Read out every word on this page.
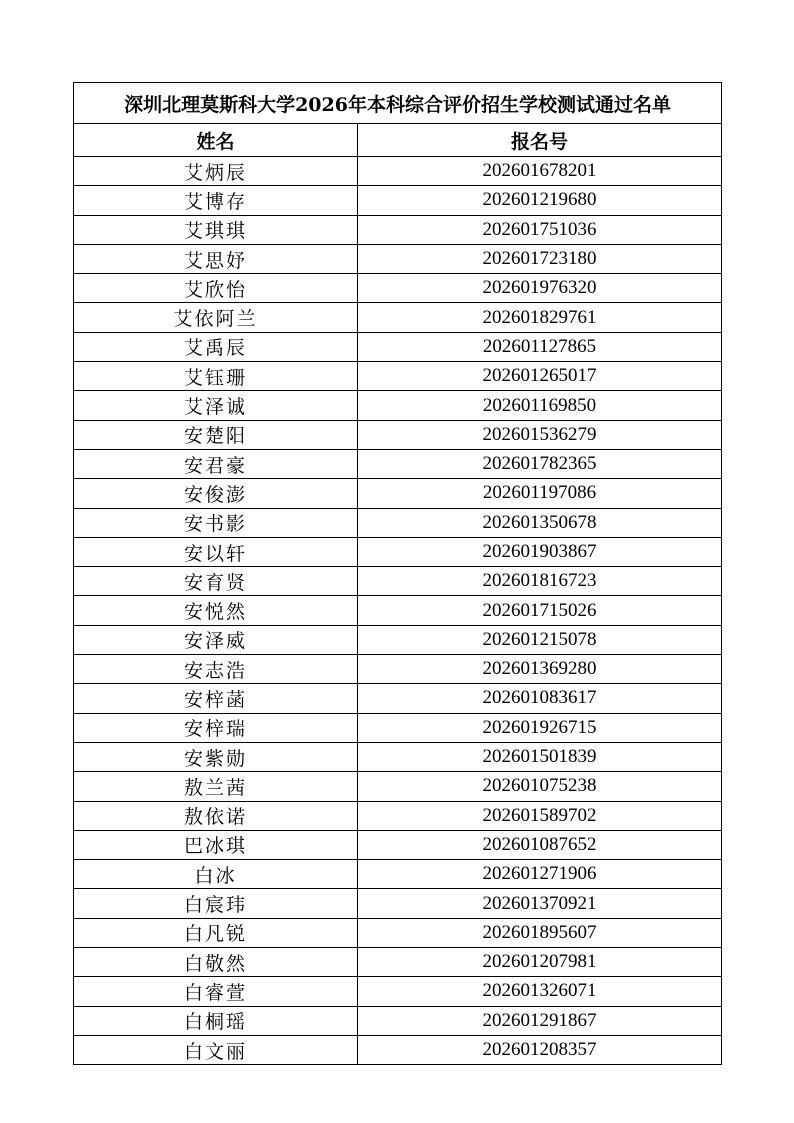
深圳北理莫斯科大学2026年本科综合评价招生学校测试通过名单	
姓名	报名号
艾炳辰	202601678201
艾博存	202601219680
艾琪琪	202601751036
艾思妤	202601723180
艾欣怡	202601976320
艾依阿兰	202601829761
艾禹辰	202601127865
艾钰珊	202601265017
艾泽诚	202601169850
安楚阳	202601536279
安君豪	202601782365
安俊澎	202601197086
安书影	202601350678
安以轩	202601903867
安育贤	202601816723
安悦然	202601715026
安泽威	202601215078
安志浩	202601369280
安梓菡	202601083617
安梓瑞	202601926715
安紫勋	202601501839
敖兰茜	202601075238
敖依诺	202601589702
巴冰琪	202601087652
白冰	202601271906
白宸玮	202601370921
白凡锐	202601895607
白敬然	202601207981
白睿萱	202601326071
白桐瑶	202601291867
白文丽	202601208357
